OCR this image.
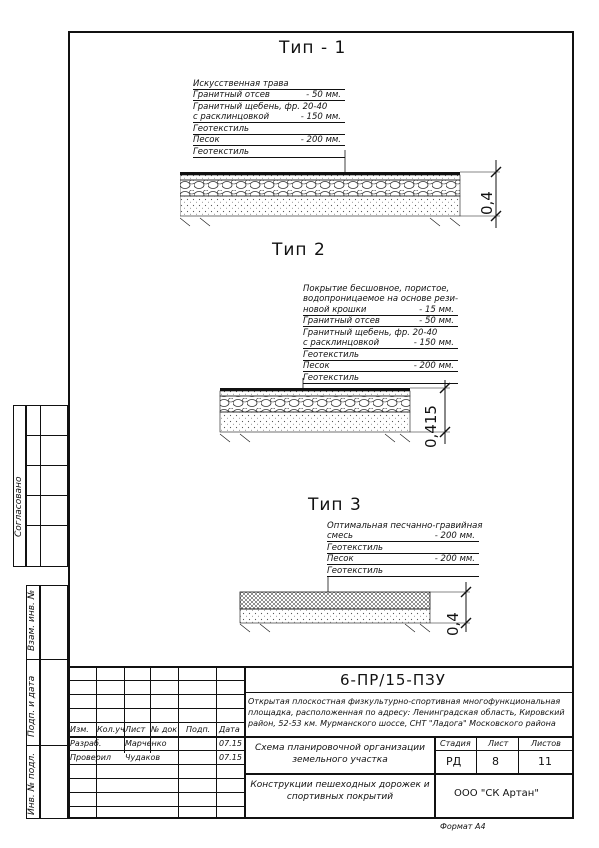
Согласовано
Взам. инв. №
Подп. и дата
Инв. № подл.
Тип - 1
Искусственная трава
Гранитный отсев	- 50 мм.
Гранитный щебень, фр. 20-40
с расклинцовкой	- 150 мм.
Геотекстиль
Песок	- 200 мм.
Геотекстиль
0,4
Тип 2
Покрытие бесшовное, пористое,
водопроницаемое на основе рези-
новой крошки	- 15 мм.
Гранитный отсев	- 50 мм.
Гранитный щебень, фр. 20-40
с расклинцовкой	- 150 мм.
Геотекстиль
Песок	- 200 мм.
Геотекстиль
0,415
Тип 3
Оптимальная песчанно-гравийная
смесь	- 200 мм.
Геотекстиль
Песок	- 200 мм.
Геотекстиль
0,4
6-ПР/15-ПЗУ
Открытая плоскостная физкультурно-спортивная многофункциональная площадка, расположенная по адресу: Ленинградская область, Кировский район, 52-53 км. Мурманского шоссе, СНТ "Ладога" Московского района
Изм. Кол.уч Лист № док Подп. Дата
Разраб.	Марченко	07.15
Проверил Чудаков	07.15
Схема планировочной организации земельного участка
Стадия Лист	Листов
РД	8	11
Конструкции пешеходных дорожек и спортивных покрытий	ООО "СК Артан"
Формат А4
